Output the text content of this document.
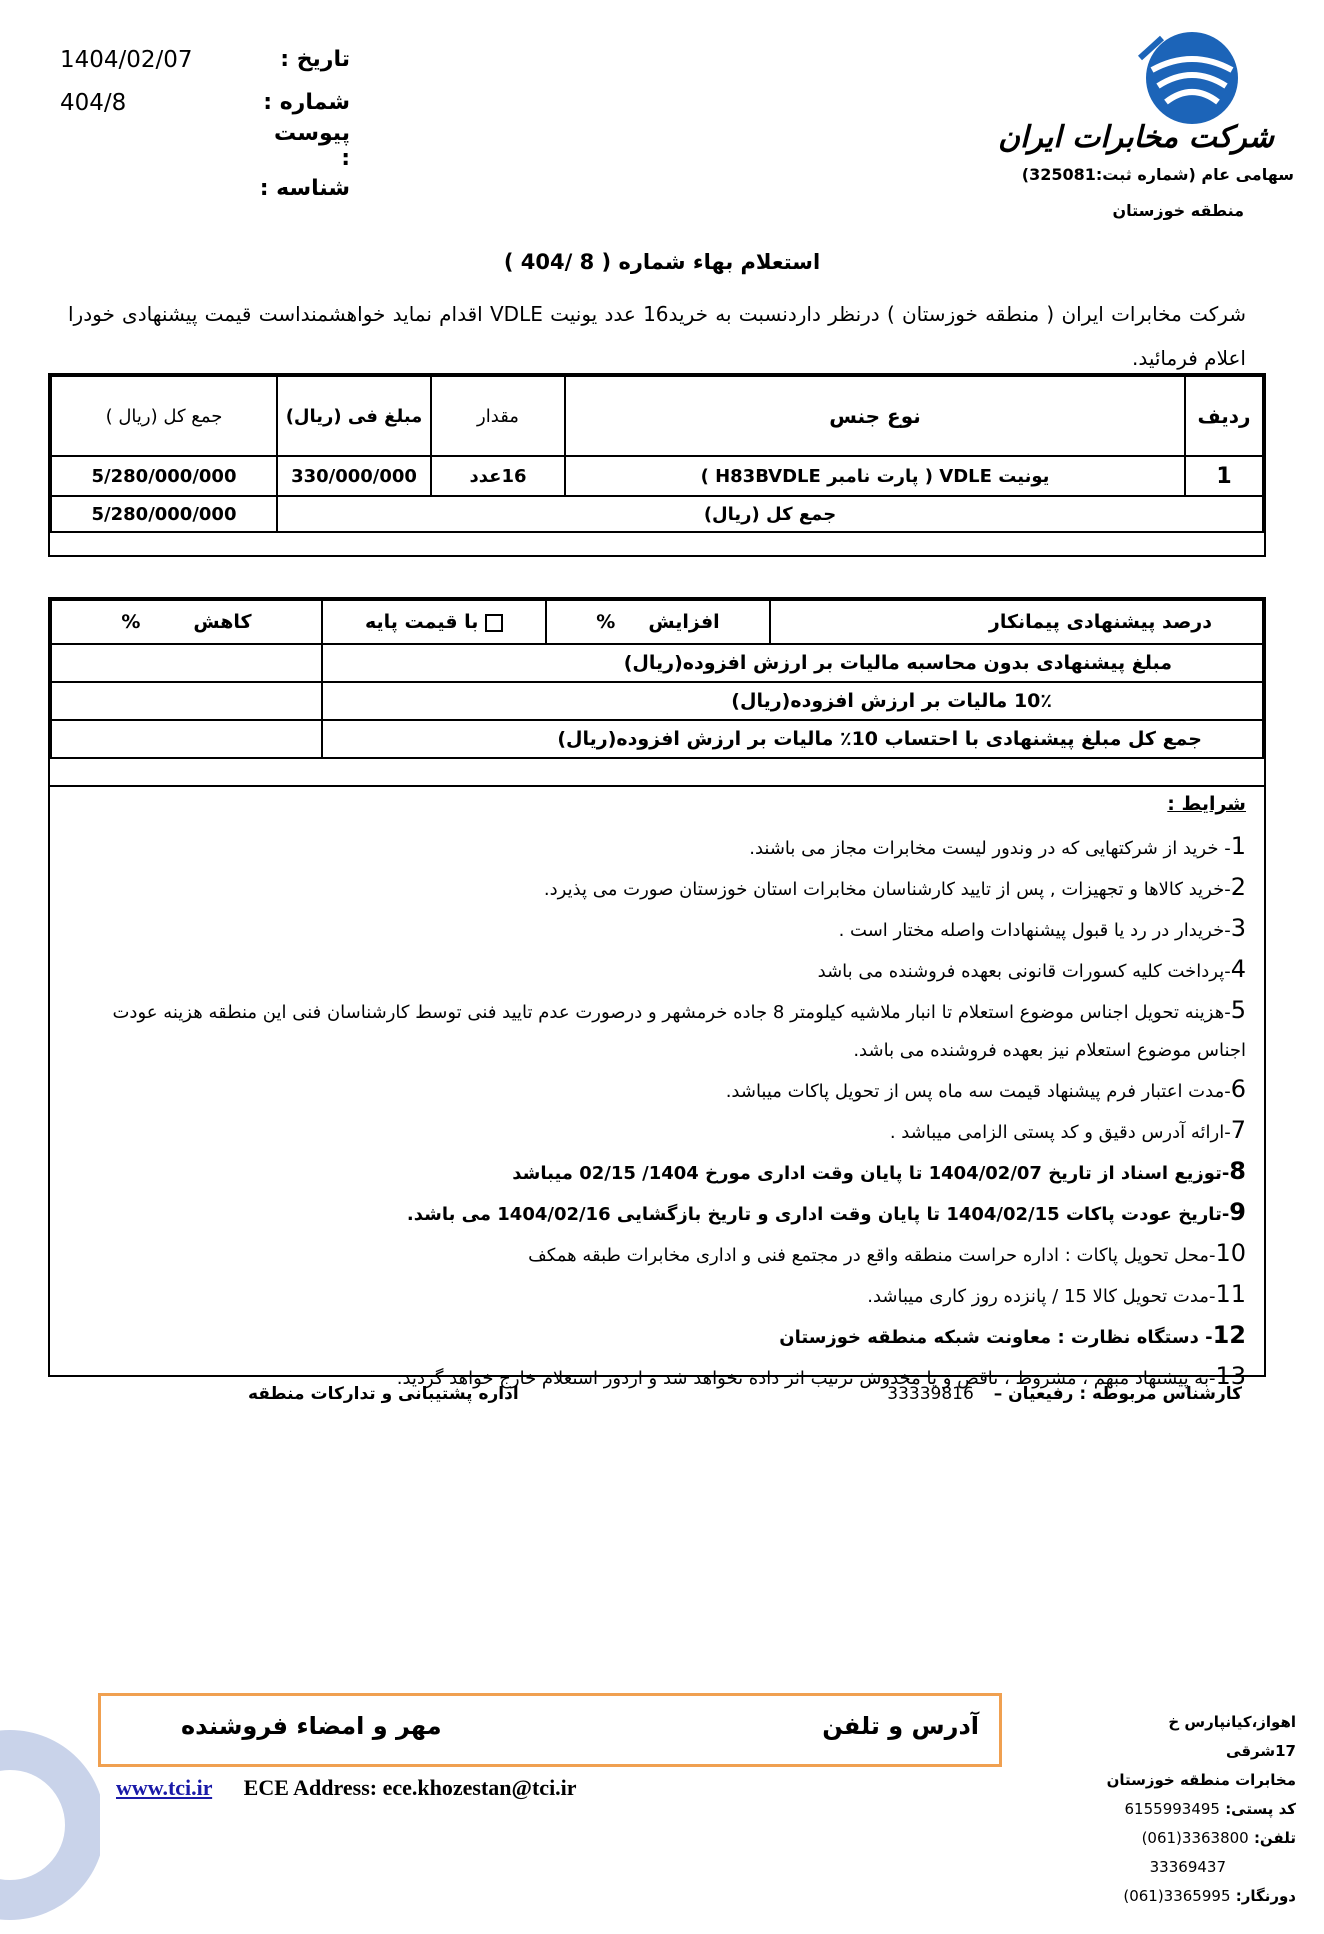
تاریخ :
1404/02/07
شماره :
404/8
پیوست :
شناسه :
شرکت مخابرات ایران
سهامی عام (شماره ثبت:325081)
منطقه خوزستان
استعلام بهاء شماره ( 8 /404 )
شرکت مخابرات ایران ( منطقه خوزستان ) درنظر داردنسبت به خرید16 عدد یونیت VDLE اقدام نماید خواهشمنداست قیمت پیشنهادی خودرا اعلام فرمائید.
ردیف	نوع جنس	مقدار	مبلغ فی (ریال)	جمع کل (ریال )
1	یونیت VDLE ( پارت نامبر H83BVDLE )	16عدد	330/000/000	5/280/000/000
جمع کل (ریال)				5/280/000/000
درصد پیشنهادی پیمانکار	افزایش     %	با قیمت پایه	کاهش        %
مبلغ پیشنهادی بدون محاسبه مالیات بر ارزش افزوده(ریال)			
10٪ مالیات بر ارزش افزوده(ریال)			
جمع کل مبلغ پیشنهادی با احتساب 10٪ مالیات بر ارزش افزوده(ریال)			
شرایط :
1- خرید از شرکتهایی که در وندور لیست مخابرات مجاز می باشند.
2-خرید کالاها و تجهیزات , پس از تایید کارشناسان مخابرات استان خوزستان صورت می پذیرد.
3-خریدار در رد یا قبول پیشنهادات واصله مختار است .
4-پرداخت کلیه کسورات قانونی بعهده فروشنده می باشد
5-هزینه تحویل اجناس موضوع استعلام تا انبار ملاشیه کیلومتر 8 جاده خرمشهر و درصورت عدم تایید فنی توسط کارشناسان فنی این منطقه هزینه عودت اجناس موضوع استعلام نیز بعهده فروشنده می باشد.
6-مدت اعتبار فرم پیشنهاد قیمت سه ماه پس از تحویل پاکات میباشد.
7-ارائه آدرس دقیق و کد پستی الزامی میباشد .
8-توزیع اسناد از تاریخ 1404/02/07 تا پایان وقت اداری مورخ 1404/ 02/15 میباشد
9-تاریخ عودت پاکات 1404/02/15 تا پایان وقت اداری و تاریخ بازگشایی 1404/02/16 می باشد.
10-محل تحویل پاکات : اداره حراست منطقه واقع در مجتمع فنی و اداری مخابرات طبقه همکف
11-مدت تحویل کالا 15 / پانزده روز کاری میباشد.
12- دستگاه نظارت : معاونت شبکه منطقه خوزستان
13-به پیشنهاد مبهم ، مشروط ، ناقص و یا مخدوش ترتیب اثر داده نخواهد شد و ازدور استعلام خارج خواهد گردید.
کارشناس مربوطه : رفیعیان – 33339816
اداره پشتیبانی و تدارکات منطقه
آدرس و تلفن
مهر و امضاء فروشنده
www.tci.ir ECE Address: ece.khozestan@tci.ir
اهواز،کیانپارس خ 17شرقی
مخابرات منطقه خوزستان
کد پستی: 6155993495
تلفن: (061)3363800
33369437
دورنگار: (061)3365995
